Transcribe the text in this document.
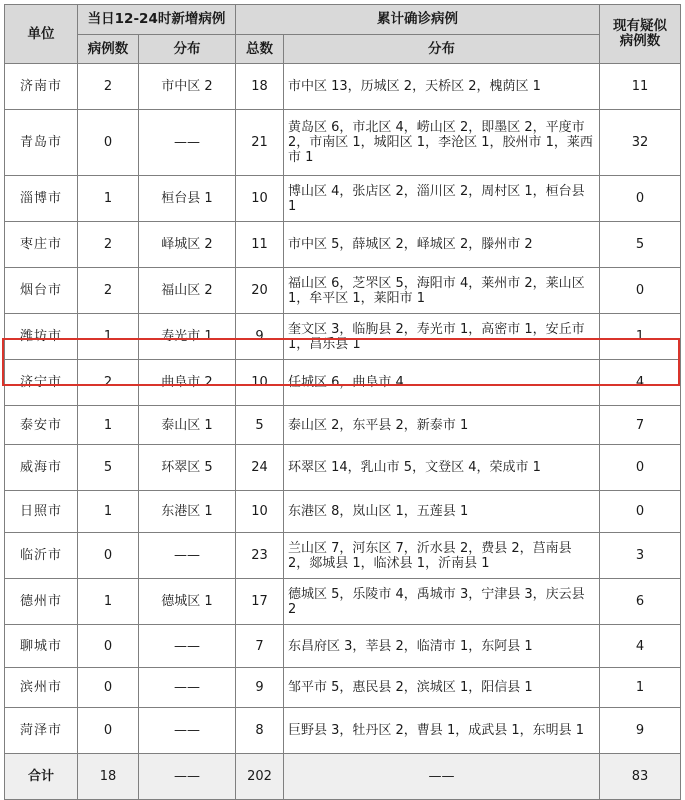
单位	当日12-24时新增病例		累计确诊病例		现有疑似病例数
	病例数	分布	总数	分布	
济南市	2	市中区 2	18	市中区 13，历城区 2，天桥区 2，槐荫区 1	11
青岛市	0	——	21	黄岛区 6，市北区 4，崂山区 2，即墨区 2，平度市 2，市南区 1，城阳区 1，李沧区 1，胶州市 1，莱西市 1	32
淄博市	1	桓台县 1	10	博山区 4，张店区 2，淄川区 2，周村区 1，桓台县 1	0
枣庄市	2	峄城区 2	11	市中区 5，薛城区 2，峄城区 2，滕州市 2	5
烟台市	2	福山区 2	20	福山区 6，芝罘区 5，海阳市 4，莱州市 2，莱山区 1，牟平区 1，莱阳市 1	0
潍坊市	1	寿光市 1	9	奎文区 3，临朐县 2，寿光市 1，高密市 1，安丘市 1，昌乐县 1	1
济宁市	2	曲阜市 2	10	任城区 6，曲阜市 4	4
泰安市	1	泰山区 1	5	泰山区 2，东平县 2，新泰市 1	7
威海市	5	环翠区 5	24	环翠区 14，乳山市 5，文登区 4，荣成市 1	0
日照市	1	东港区 1	10	东港区 8，岚山区 1，五莲县 1	0
临沂市	0	——	23	兰山区 7，河东区 7，沂水县 2，费县 2，莒南县 2，郯城县 1，临沭县 1，沂南县 1	3
德州市	1	德城区 1	17	德城区 5，乐陵市 4，禹城市 3，宁津县 3，庆云县 2	6
聊城市	0	——	7	东昌府区 3，莘县 2，临清市 1，东阿县 1	4
滨州市	0	——	9	邹平市 5，惠民县 2，滨城区 1，阳信县 1	1
菏泽市	0	——	8	巨野县 3，牡丹区 2，曹县 1，成武县 1，东明县 1	9
合计	18	——	202	——	83
